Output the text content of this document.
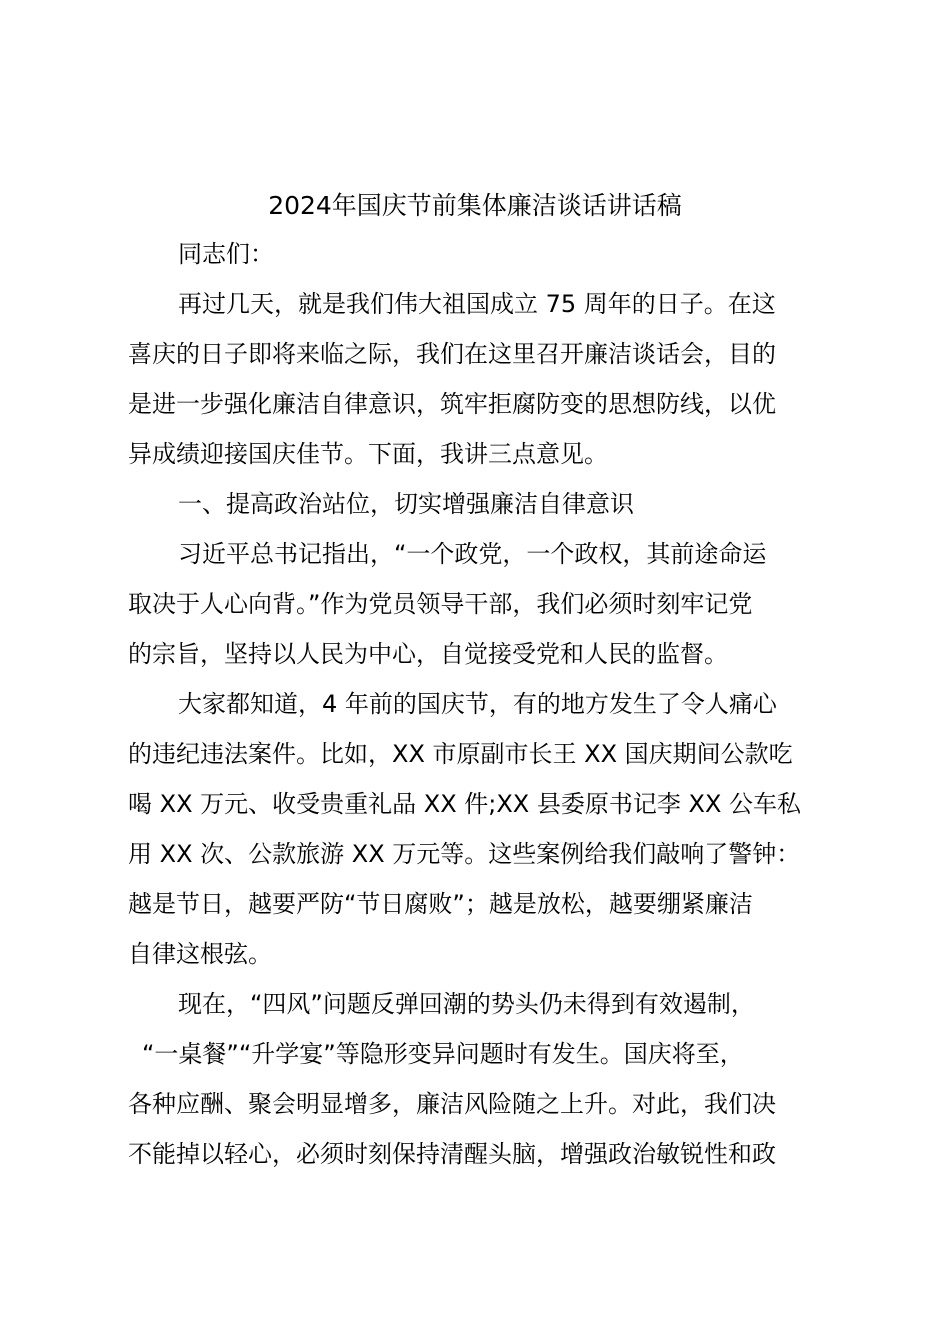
2024年国庆节前集体廉洁谈话讲话稿
同志们：
再过几天，就是我们伟大祖国成立 75 周年的日子。在这
喜庆的日子即将来临之际，我们在这里召开廉洁谈话会，目的
是进一步强化廉洁自律意识，筑牢拒腐防变的思想防线，以优
异成绩迎接国庆佳节。下面，我讲三点意见。
一、提高政治站位，切实增强廉洁自律意识
习近平总书记指出，“一个政党，一个政权，其前途命运
取决于人心向背。”作为党员领导干部，我们必须时刻牢记党
的宗旨，坚持以人民为中心，自觉接受党和人民的监督。
大家都知道，4 年前的国庆节，有的地方发生了令人痛心
的违纪违法案件。比如，XX 市原副市长王 XX 国庆期间公款吃
喝 XX 万元、收受贵重礼品 XX 件;XX 县委原书记李 XX 公车私
用 XX 次、公款旅游 XX 万元等。这些案例给我们敲响了警钟：
越是节日，越要严防“节日腐败”；越是放松，越要绷紧廉洁
自律这根弦。
现在，“四风”问题反弹回潮的势头仍未得到有效遏制，
“一桌餐”“升学宴”等隐形变异问题时有发生。国庆将至，
各种应酬、聚会明显增多，廉洁风险随之上升。对此，我们决
不能掉以轻心，必须时刻保持清醒头脑，增强政治敏锐性和政
